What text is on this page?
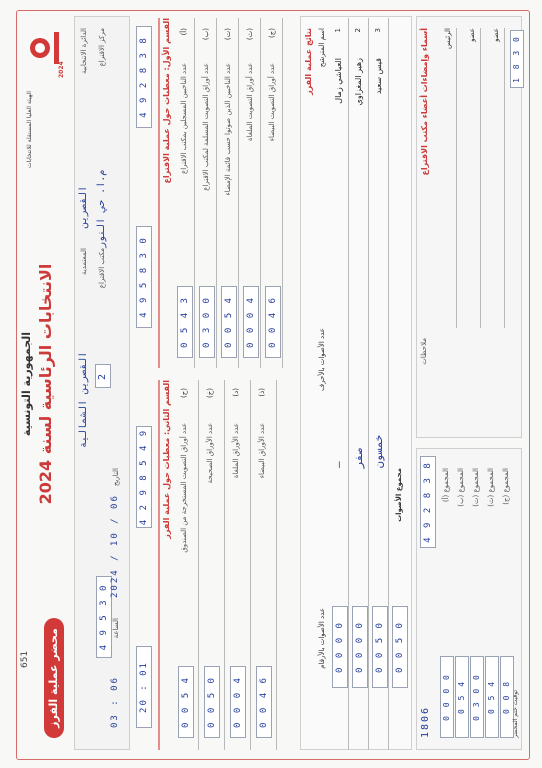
2024
الجمهورية التونسية
الانتخابات الرئاسية لسنة 2024
الهيئة العليا المستقلة للانتخابات
محضر عملية الفرز
651
الدائرة الانتخابية
القصرين
المعتمدية
القصرين الشمالية
مركز الاقتراع
م.ا. حي النور
مكتب الاقتراع
2
4 9 5 3 0
التاريخ
2024 / 10 / 06
الساعة
03 : 06
4 9 2 8 3 8
4 9 5 8 3 0
4 2 9 8 5 4 9
20 : 01
القسم الأول: معطيات حول عملية الاقتراع
القسم الثاني: معطيات حول عملية الفرز (ح)
عدد أوراق التصويت المستخرجة من الصندوق
0 0 5 4
(خ)
عدد الأوراق الصحيحة
0 0 5 0
(د)
عدد الأوراق الملغاة
0 0 0 4
(ذ)
عدد الأوراق البيضاء
0 0 4 6
نتائج عملية الفرز اسم المترشح
عدد الأصوات بالأحرف
عدد الأصوات بالأرقام
1
العياشي زمال
—
0 0 0 0
2
زهير المغزاوي
صفر
0 0 0 0
3
قيس سعيد
خمسون
0 0 5 0
مجموع الأصوات
0 0 5 0
4 9 2 8 3 8
1806
المجموع (أ)
0 0 0 0
المجموع (ب)
0 5 4
المجموع (ت)
0 3 0 0
المجموع (ث)
0 5 4
المجموع (ج)
0 0 8
أسماء وإمضاءات أعضاء مكتب الاقتراع الرئيس عضو عضو
ملاحظات
توقيت ختم المحضر
1 8 3 0
(أ)
عدد الناخبين المسجلين بمكتب الاقتراع
0 5 4 3
(ب)
عدد أوراق التصويت المسلمة لمكتب الاقتراع
0 3 0 0
(ت)
عدد الناخبين الذين صوتوا حسب قائمة الإمضاء
0 0 5 4
(ث)
عدد أوراق التصويت الملغاة
0 0 0 4
(ج)
عدد أوراق التصويت البيضاء
0 0 4 6
